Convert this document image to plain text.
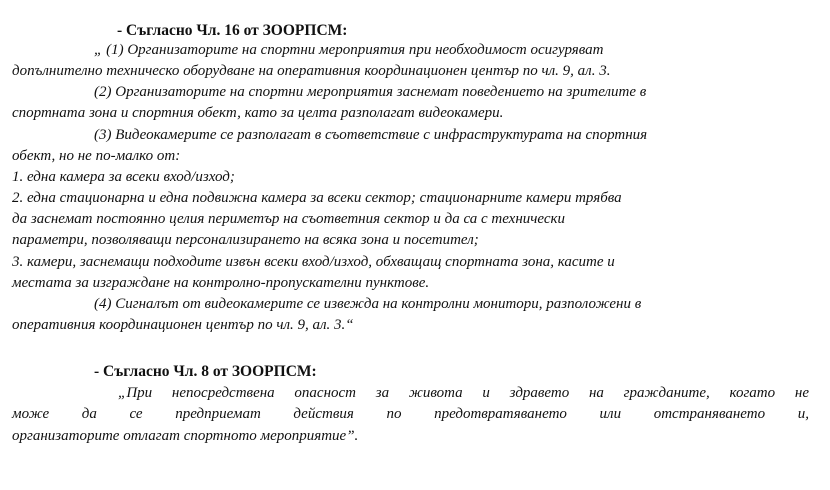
- Съгласно Чл. 16 от ЗООРПСМ:
„ (1) Организаторите на спортни мероприятия при необходимост осигуряват
допълнително техническо оборудване на оперативния координационен център по чл. 9, ал. 3.
(2) Организаторите на спортни мероприятия заснемат поведението на зрителите в
спортната зона и спортния обект, като за целта разполагат видеокамери.
(3) Видеокамерите се разполагат в съответствие с инфраструктурата на спортния
обект, но не по-малко от:
1. една камера за всеки вход/изход;
2. една стационарна и една подвижна камера за всеки сектор; стационарните камери трябва
да заснемат постоянно целия периметър на съответния сектор и да са с технически
параметри, позволяващи персонализирането на всяка зона и посетител;
3. камери, заснемащи подходите извън всеки вход/изход, обхващащ спортната зона, касите и
местата за изграждане на контролно-пропускателни пунктове.
(4) Сигналът от видеокамерите се извежда на контролни монитори, разположени в
оперативния координационен център по чл. 9, ал. 3.“
- Съгласно Чл. 8 от ЗООРПСМ:
„При непосредствена опасност за живота и здравето на гражданите, когато не
може да се предприемат действия по предотвратяването или отстраняването и,
организаторите отлагат спортното мероприятие”.
